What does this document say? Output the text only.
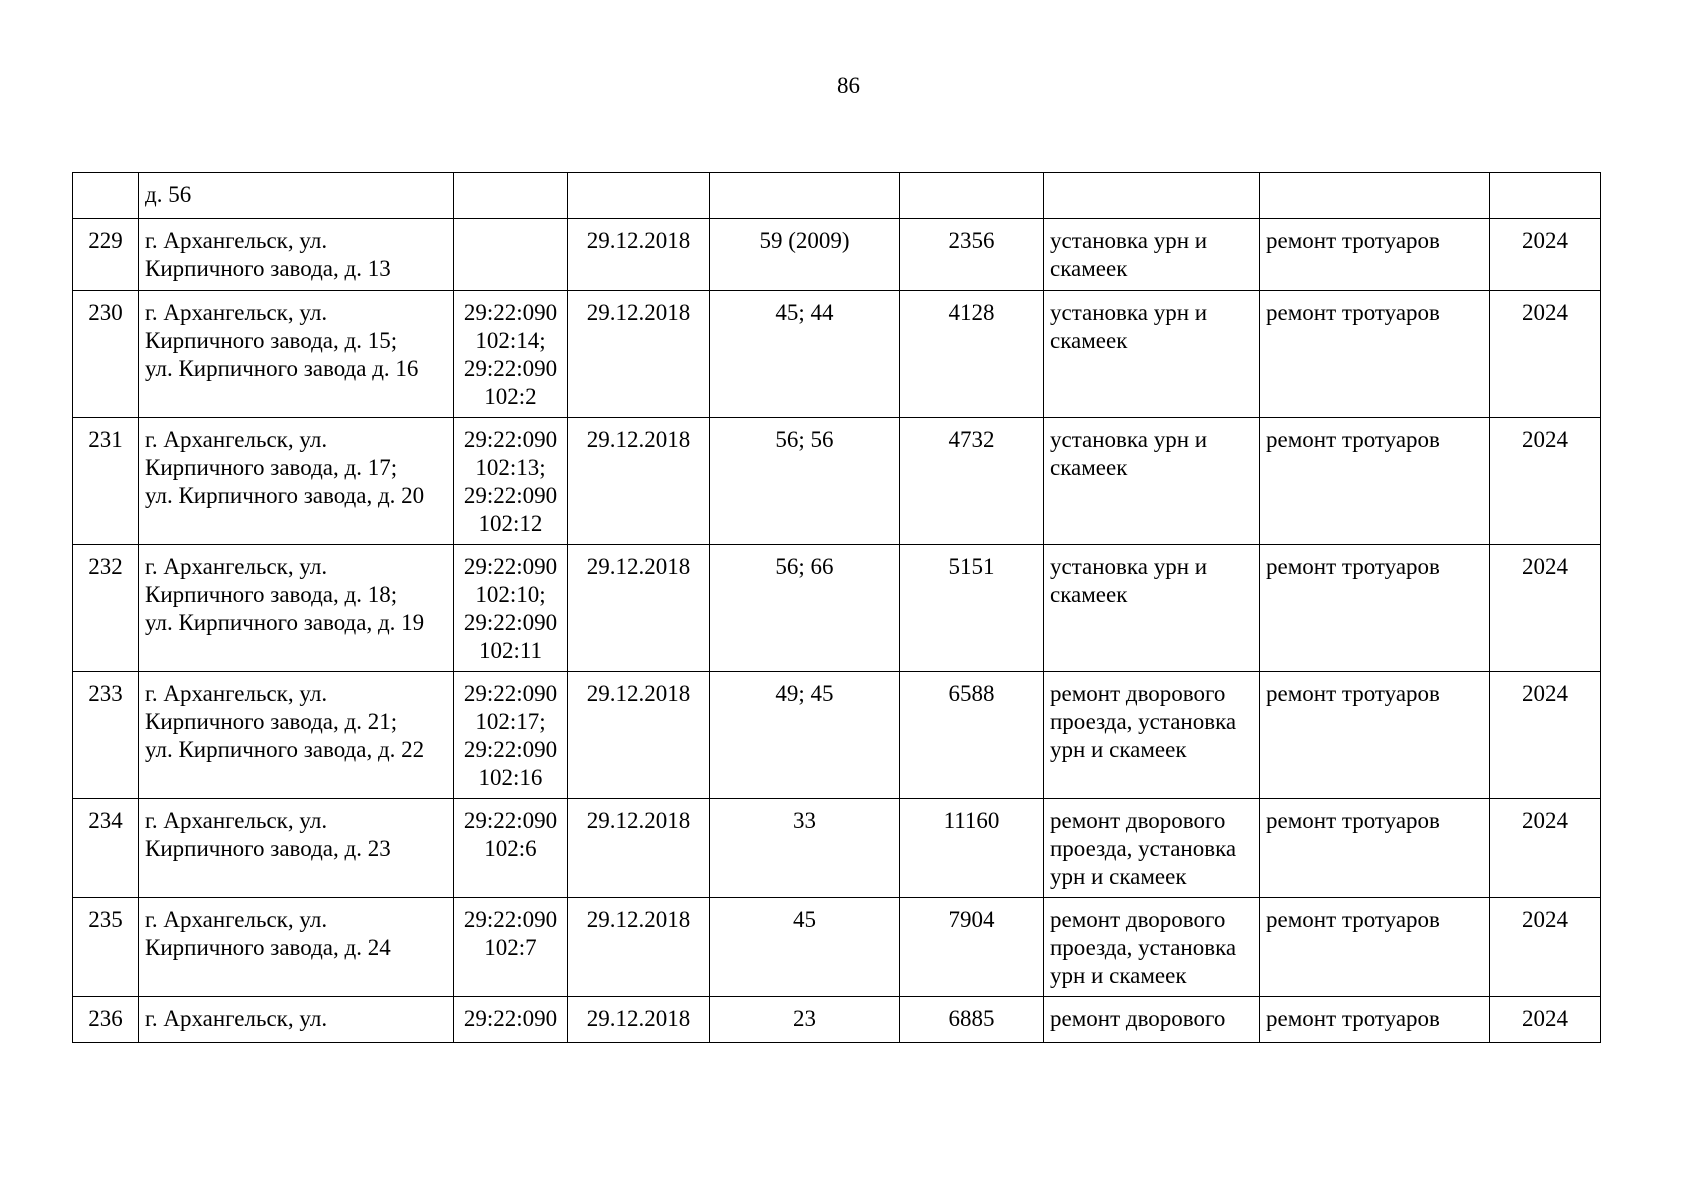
86

	д. 56							

229	г. Архангельск, ул.
Кирпичного завода, д. 13		29.12.2018	59 (2009)	2356	установка урн и
скамеек	ремонт тротуаров	2024
230	г. Архангельск, ул.
Кирпичного завода, д. 15;
ул. Кирпичного завода д. 16	29:22:090
102:14;
29:22:090
102:2	29.12.2018	45; 44	4128	установка урн и
скамеек	ремонт тротуаров	2024
231	г. Архангельск, ул.
Кирпичного завода, д. 17;
ул. Кирпичного завода, д. 20	29:22:090
102:13;
29:22:090
102:12	29.12.2018	56; 56	4732	установка урн и
скамеек	ремонт тротуаров	2024
232	г. Архангельск, ул.
Кирпичного завода, д. 18;
ул. Кирпичного завода, д. 19	29:22:090
102:10;
29:22:090
102:11	29.12.2018	56; 66	5151	установка урн и
скамеек	ремонт тротуаров	2024
233	г. Архангельск, ул.
Кирпичного завода, д. 21;
ул. Кирпичного завода, д. 22	29:22:090
102:17;
29:22:090
102:16	29.12.2018	49; 45	6588	ремонт дворового
проезда, установка
урн и скамеек	ремонт тротуаров	2024
234	г. Архангельск, ул.
Кирпичного завода, д. 23	29:22:090
102:6	29.12.2018	33	11160	ремонт дворового
проезда, установка
урн и скамеек	ремонт тротуаров	2024
235	г. Архангельск, ул.
Кирпичного завода, д. 24	29:22:090
102:7	29.12.2018	45	7904	ремонт дворового
проезда, установка
урн и скамеек	ремонт тротуаров	2024
236	г. Архангельск, ул.	29:22:090	29.12.2018	23	6885	ремонт дворового	ремонт тротуаров	2024
